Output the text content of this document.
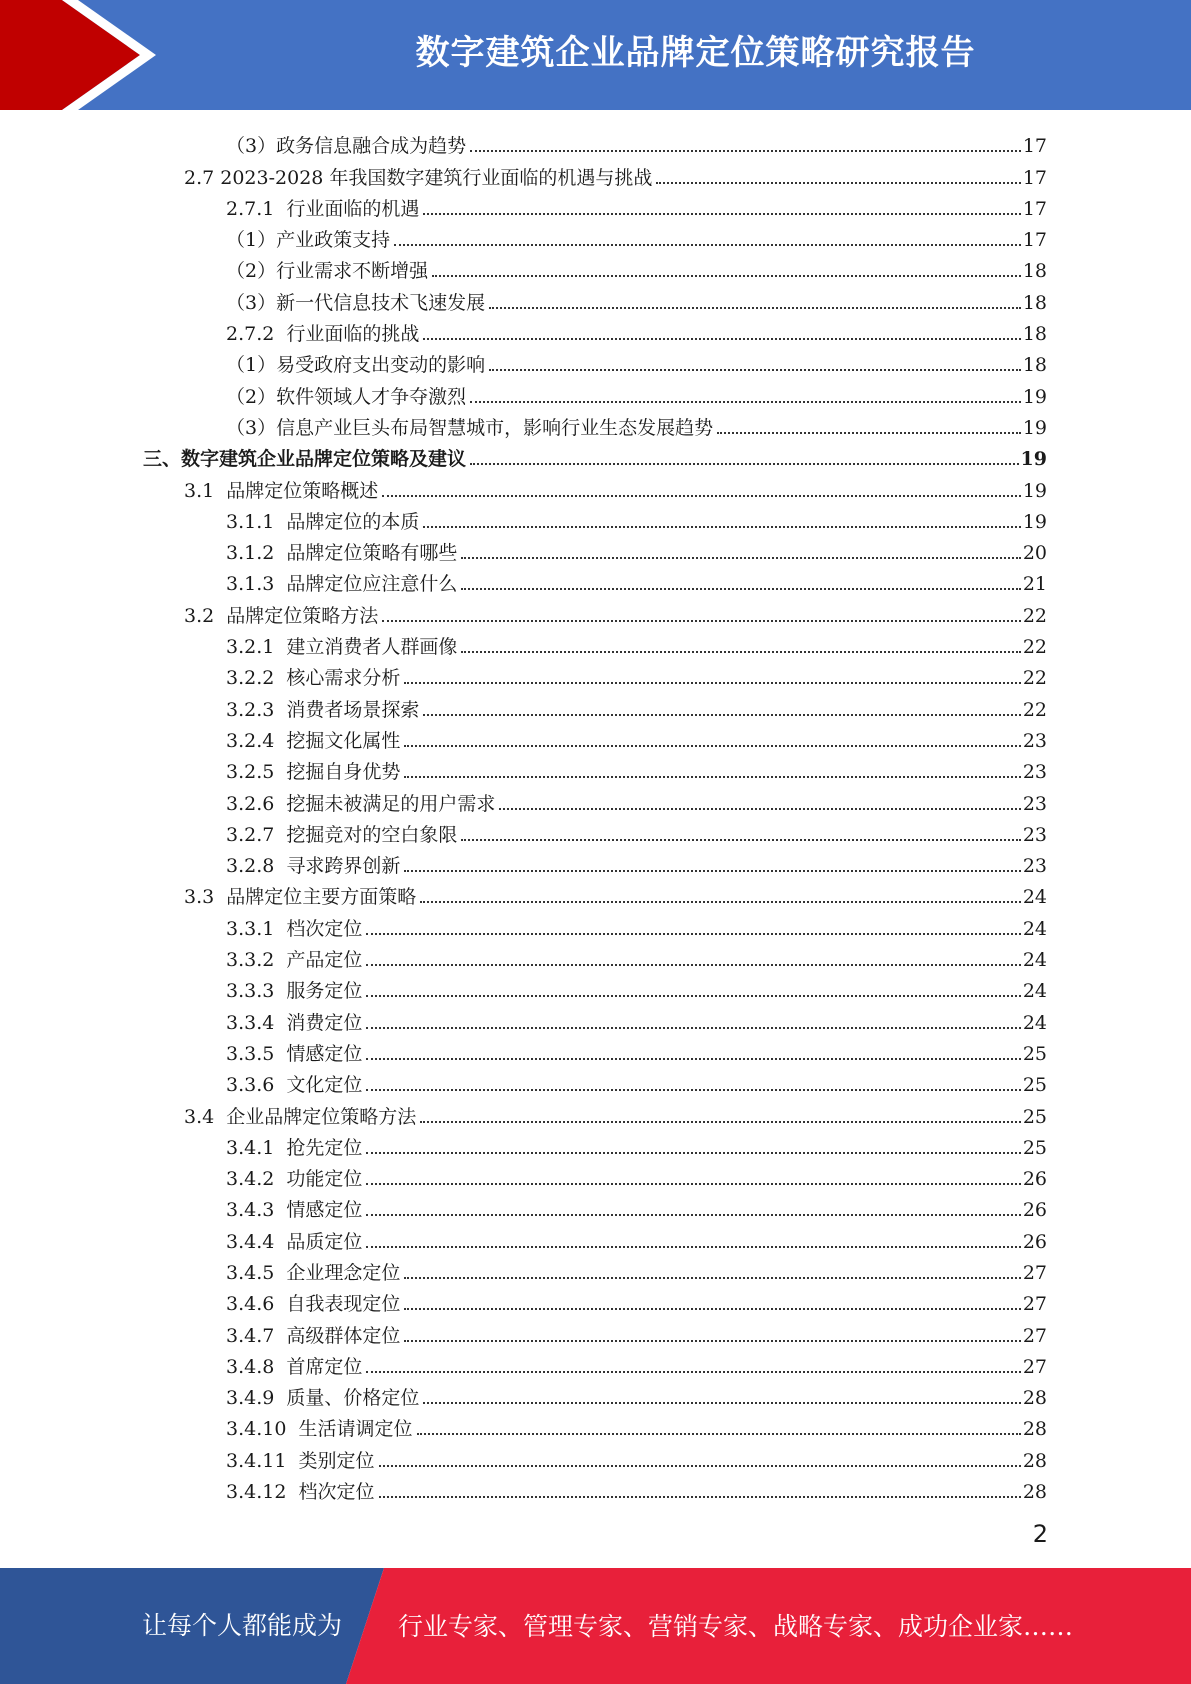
数字建筑企业品牌定位策略研究报告
（3）政务信息融合成为趋势	17
2.7 2023-2028 年我国数字建筑行业面临的机遇与挑战	17
2.7.1  行业面临的机遇	17
（1）产业政策支持	17
（2）行业需求不断增强	18
（3）新一代信息技术飞速发展	18
2.7.2  行业面临的挑战	18
（1）易受政府支出变动的影响	18
（2）软件领域人才争夺激烈	19
（3）信息产业巨头布局智慧城市，影响行业生态发展趋势	19
三、数字建筑企业品牌定位策略及建议	19
3.1  品牌定位策略概述	19
3.1.1  品牌定位的本质	19
3.1.2  品牌定位策略有哪些	20
3.1.3  品牌定位应注意什么	21
3.2  品牌定位策略方法	22
3.2.1  建立消费者人群画像	22
3.2.2  核心需求分析	22
3.2.3  消费者场景探索	22
3.2.4  挖掘文化属性	23
3.2.5  挖掘自身优势	23
3.2.6  挖掘未被满足的用户需求	23
3.2.7  挖掘竞对的空白象限	23
3.2.8  寻求跨界创新	23
3.3  品牌定位主要方面策略	24
3.3.1  档次定位	24
3.3.2  产品定位	24
3.3.3  服务定位	24
3.3.4  消费定位	24
3.3.5  情感定位	25
3.3.6  文化定位	25
3.4  企业品牌定位策略方法	25
3.4.1  抢先定位	25
3.4.2  功能定位	26
3.4.3  情感定位	26
3.4.4  品质定位	26
3.4.5  企业理念定位	27
3.4.6  自我表现定位	27
3.4.7  高级群体定位	27
3.4.8  首席定位	27
3.4.9  质量、价格定位	28
3.4.10  生活请调定位	28
3.4.11  类别定位	28
3.4.12  档次定位	28
2
让每个人都能成为 行业专家、管理专家、营销专家、战略专家、成功企业家……
